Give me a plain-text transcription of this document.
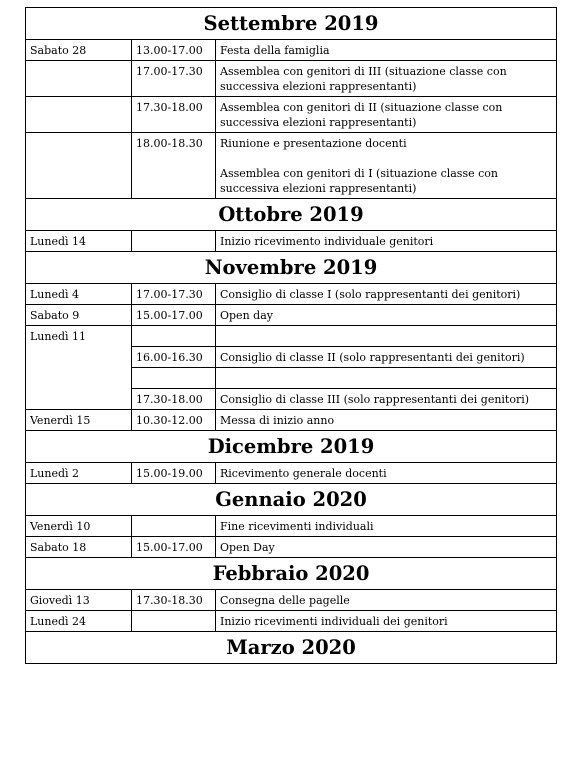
Settembre 2019		
Sabato 28	13.00-17.00	Festa della famiglia
	17.00-17.30	Assemblea con genitori di III (situazione classe con successiva elezioni rappresentanti)
	17.30-18.00	Assemblea con genitori di II (situazione classe con successiva elezioni rappresentanti)
	18.00-18.30	Riunione e presentazione docenti
Assemblea con genitori di I (situazione classe con successiva elezioni rappresentanti)
Ottobre 2019		
Lunedì 14		Inizio ricevimento individuale genitori
Novembre 2019		
Lunedì 4	17.00-17.30	Consiglio di classe I (solo rappresentanti dei genitori)
Sabato 9	15.00-17.00	Open day
Lunedì 11		
	16.00-16.30	Consiglio di classe II (solo rappresentanti dei genitori)

	17.30-18.00	Consiglio di classe III (solo rappresentanti dei genitori)
Venerdì 15	10.30-12.00	Messa di inizio anno
Dicembre 2019		
Lunedì 2	15.00-19.00	Ricevimento generale docenti
Gennaio 2020		
Venerdì 10		Fine ricevimenti individuali
Sabato 18	15.00-17.00	Open Day
Febbraio 2020		
Giovedì 13	17.30-18.30	Consegna delle pagelle
Lunedì 24		Inizio ricevimenti individuali dei genitori
Marzo 2020		
